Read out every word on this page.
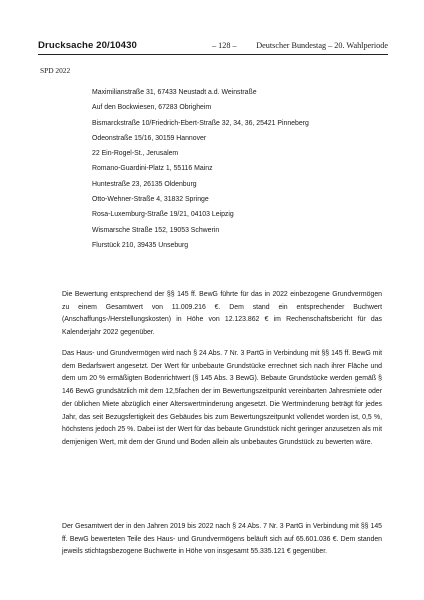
Drucksache 20/10430	– 128 – Deutscher Bundestag – 20. Wahlperiode
SPD 2022
Maximilianstraße 31, 67433 Neustadt a.d. Weinstraße
Auf den Bockwiesen, 67283 Obrigheim
Bismarckstraße 10/Friedrich-Ebert-Straße 32, 34, 36, 25421 Pinneberg
Odeonstraße 15/16, 30159 Hannover
22 Ein-Rogel-St., Jerusalem
Romano-Guardini-Platz 1, 55116 Mainz
Huntestraße 23, 26135 Oldenburg
Otto-Wehner-Straße 4, 31832 Springe
Rosa-Luxemburg-Straße 19/21, 04103 Leipzig
Wismarsche Straße 152, 19053 Schwerin
Flurstück 210, 39435 Unseburg

Die Bewertung entsprechend der §§ 145 ff. BewG führte für das in 2022 einbezogene Grundvermögen zu einem Gesamtwert von 11.009.216 €. Dem stand ein entsprechender Buchwert (Anschaffungs-/Herstellungskosten) in Höhe von 12.123.862 € im Rechenschaftsbericht für das Kalenderjahr 2022 gegenüber.

Das Haus- und Grundvermögen wird nach § 24 Abs. 7 Nr. 3 PartG in Verbindung mit §§ 145 ff. BewG mit dem Bedarfswert angesetzt. Der Wert für unbebaute Grundstücke errechnet sich nach ihrer Fläche und dem um 20 % ermäßigten Bodenrichtwert (§ 145 Abs. 3 BewG). Bebaute Grundstücke werden gemäß § 146 BewG grundsätzlich mit dem 12,5fachen der im Bewertungszeitpunkt vereinbarten Jahresmiete oder der üblichen Miete abzüglich einer Alterswertminderung angesetzt. Die Wertminderung beträgt für jedes Jahr, das seit Bezugsfertigkeit des Gebäudes bis zum Bewertungszeitpunkt vollendet worden ist, 0,5 %, höchstens jedoch 25 %. Dabei ist der Wert für das bebaute Grundstück nicht geringer anzusetzen als mit demjenigen Wert, mit dem der Grund und Boden allein als unbebautes Grundstück zu bewerten wäre.

Der Gesamtwert der in den Jahren 2019 bis 2022 nach § 24 Abs. 7 Nr. 3 PartG in Verbindung mit §§ 145 ff. BewG bewerteten Teile des Haus- und Grundvermögens beläuft sich auf 65.601.036 €. Dem standen jeweils stichtagsbezogene Buchwerte in Höhe von insgesamt 55.335.121 € gegenüber.
